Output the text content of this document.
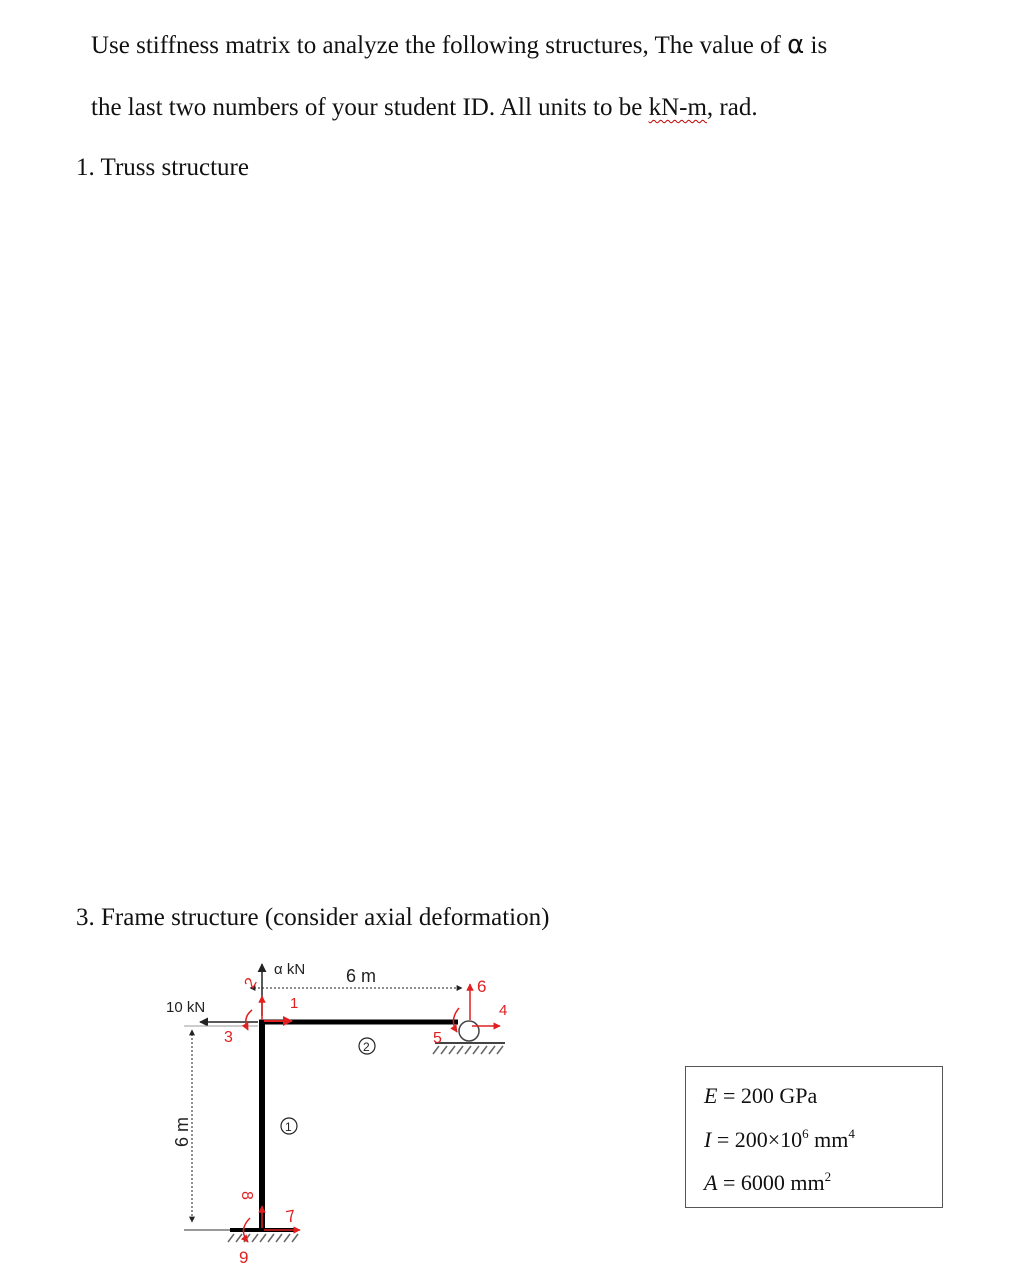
Use stiffness matrix to analyze the following structures, The value of α is
the last two numbers of your student ID. All units to be kN-m, rad.
1. Truss structure
3. Frame structure (consider axial deformation)
α kN
10 kN
6 m
6 m	1
2
1
2
3
4
5
6
7
8
9
E = 200 GPa
$I = 200\times 10^6$ $mm^4$
A = 6000 $mm^2$
